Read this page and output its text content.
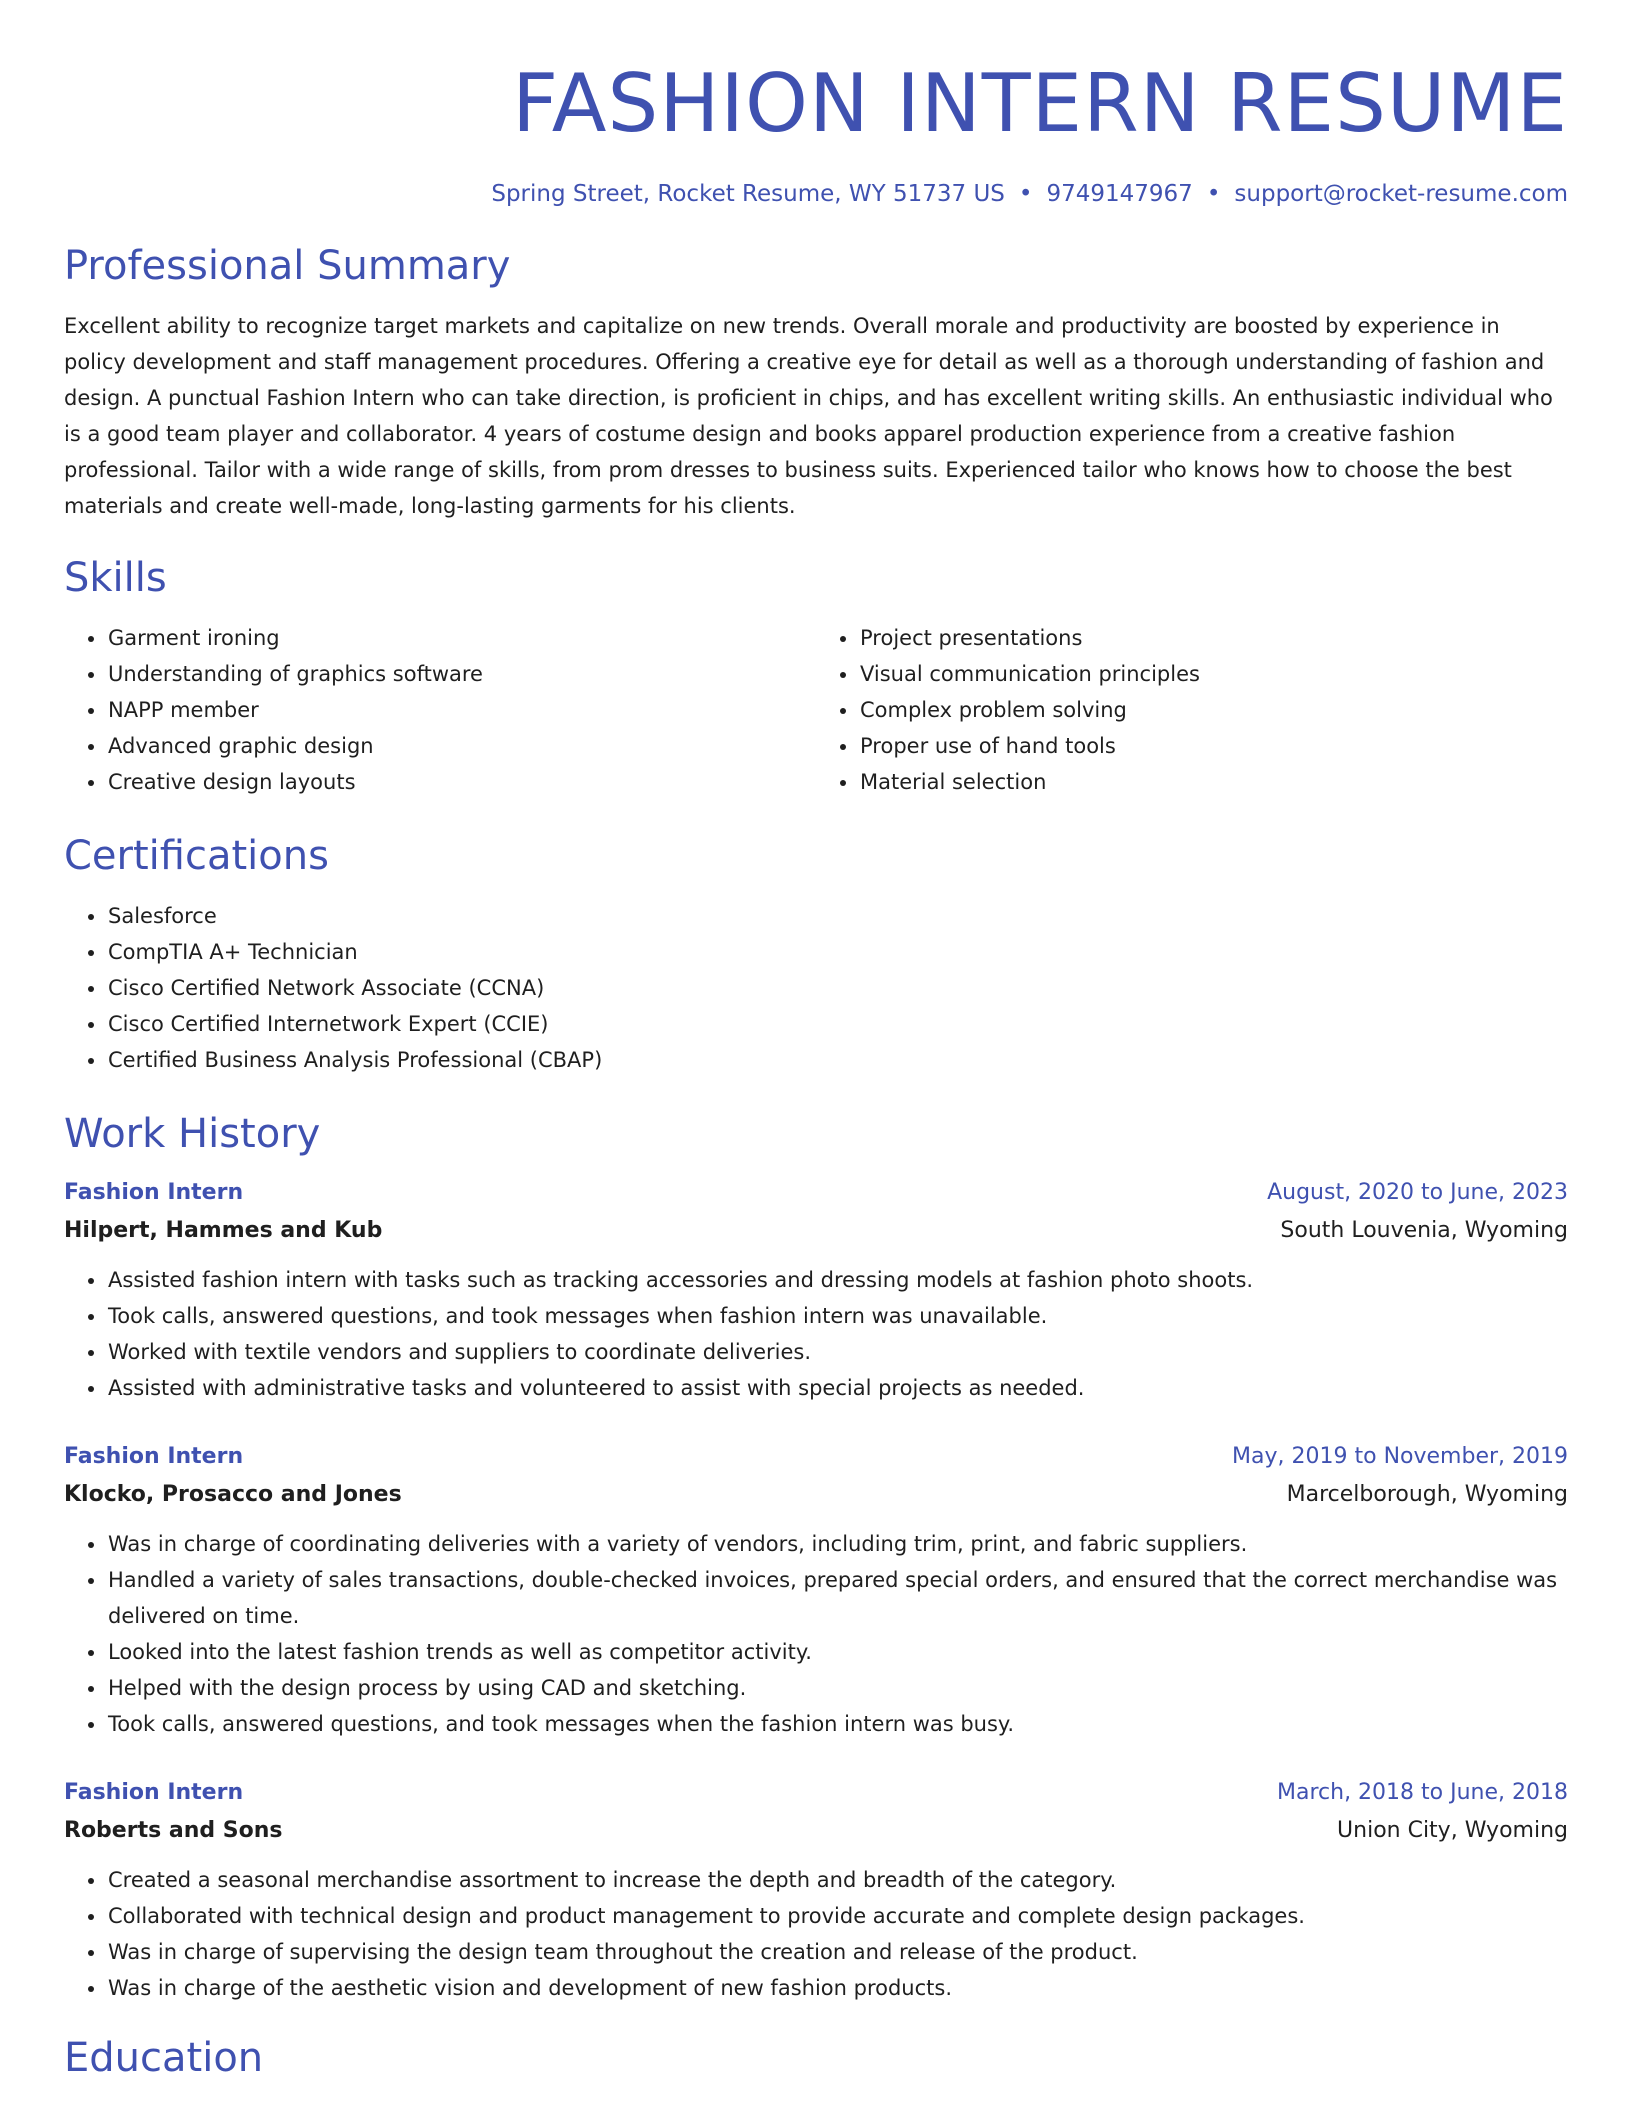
FASHION INTERN RESUME
Spring Street, Rocket Resume, WY 51737 US • 9749147967 • support@rocket-resume.com
Professional Summary

Excellent ability to recognize target markets and capitalize on new trends. Overall morale and productivity are boosted by experience in policy development and staff management procedures. Offering a creative eye for detail as well as a thorough understanding of fashion and design. A punctual Fashion Intern who can take direction, is proficient in chips, and has excellent writing skills. An enthusiastic individual who is a good team player and collaborator. 4 years of costume design and books apparel production experience from a creative fashion professional. Tailor with a wide range of skills, from prom dresses to business suits. Experienced tailor who knows how to choose the best materials and create well-made, long-lasting garments for his clients.

Skills
• Garment ironing
• Understanding of graphics software
• NAPP member
• Advanced graphic design
• Creative design layouts
• Project presentations
• Visual communication principles
• Complex problem solving
• Proper use of hand tools
• Material selection
Certifications
• Salesforce
• CompTIA A+ Technician
• Cisco Certified Network Associate (CCNA)
• Cisco Certified Internetwork Expert (CCIE)
• Certified Business Analysis Professional (CBAP)
Work History
Fashion Intern	August, 2020 to June, 2023
Hilpert, Hammes and Kub	South Louvenia, Wyoming
• Assisted fashion intern with tasks such as tracking accessories and dressing models at fashion photo shoots.
• Took calls, answered questions, and took messages when fashion intern was unavailable.
• Worked with textile vendors and suppliers to coordinate deliveries.
• Assisted with administrative tasks and volunteered to assist with special projects as needed.
Fashion Intern	May, 2019 to November, 2019
Klocko, Prosacco and Jones	Marcelborough, Wyoming
• Was in charge of coordinating deliveries with a variety of vendors, including trim, print, and fabric suppliers.
• Handled a variety of sales transactions, double-checked invoices, prepared special orders, and ensured that the correct merchandise was delivered on time.
• Looked into the latest fashion trends as well as competitor activity.
• Helped with the design process by using CAD and sketching.
• Took calls, answered questions, and took messages when the fashion intern was busy.
Fashion Intern	March, 2018 to June, 2018
Roberts and Sons	Union City, Wyoming
• Created a seasonal merchandise assortment to increase the depth and breadth of the category.
• Collaborated with technical design and product management to provide accurate and complete design packages.
• Was in charge of supervising the design team throughout the creation and release of the product.
• Was in charge of the aesthetic vision and development of new fashion products.
Education
